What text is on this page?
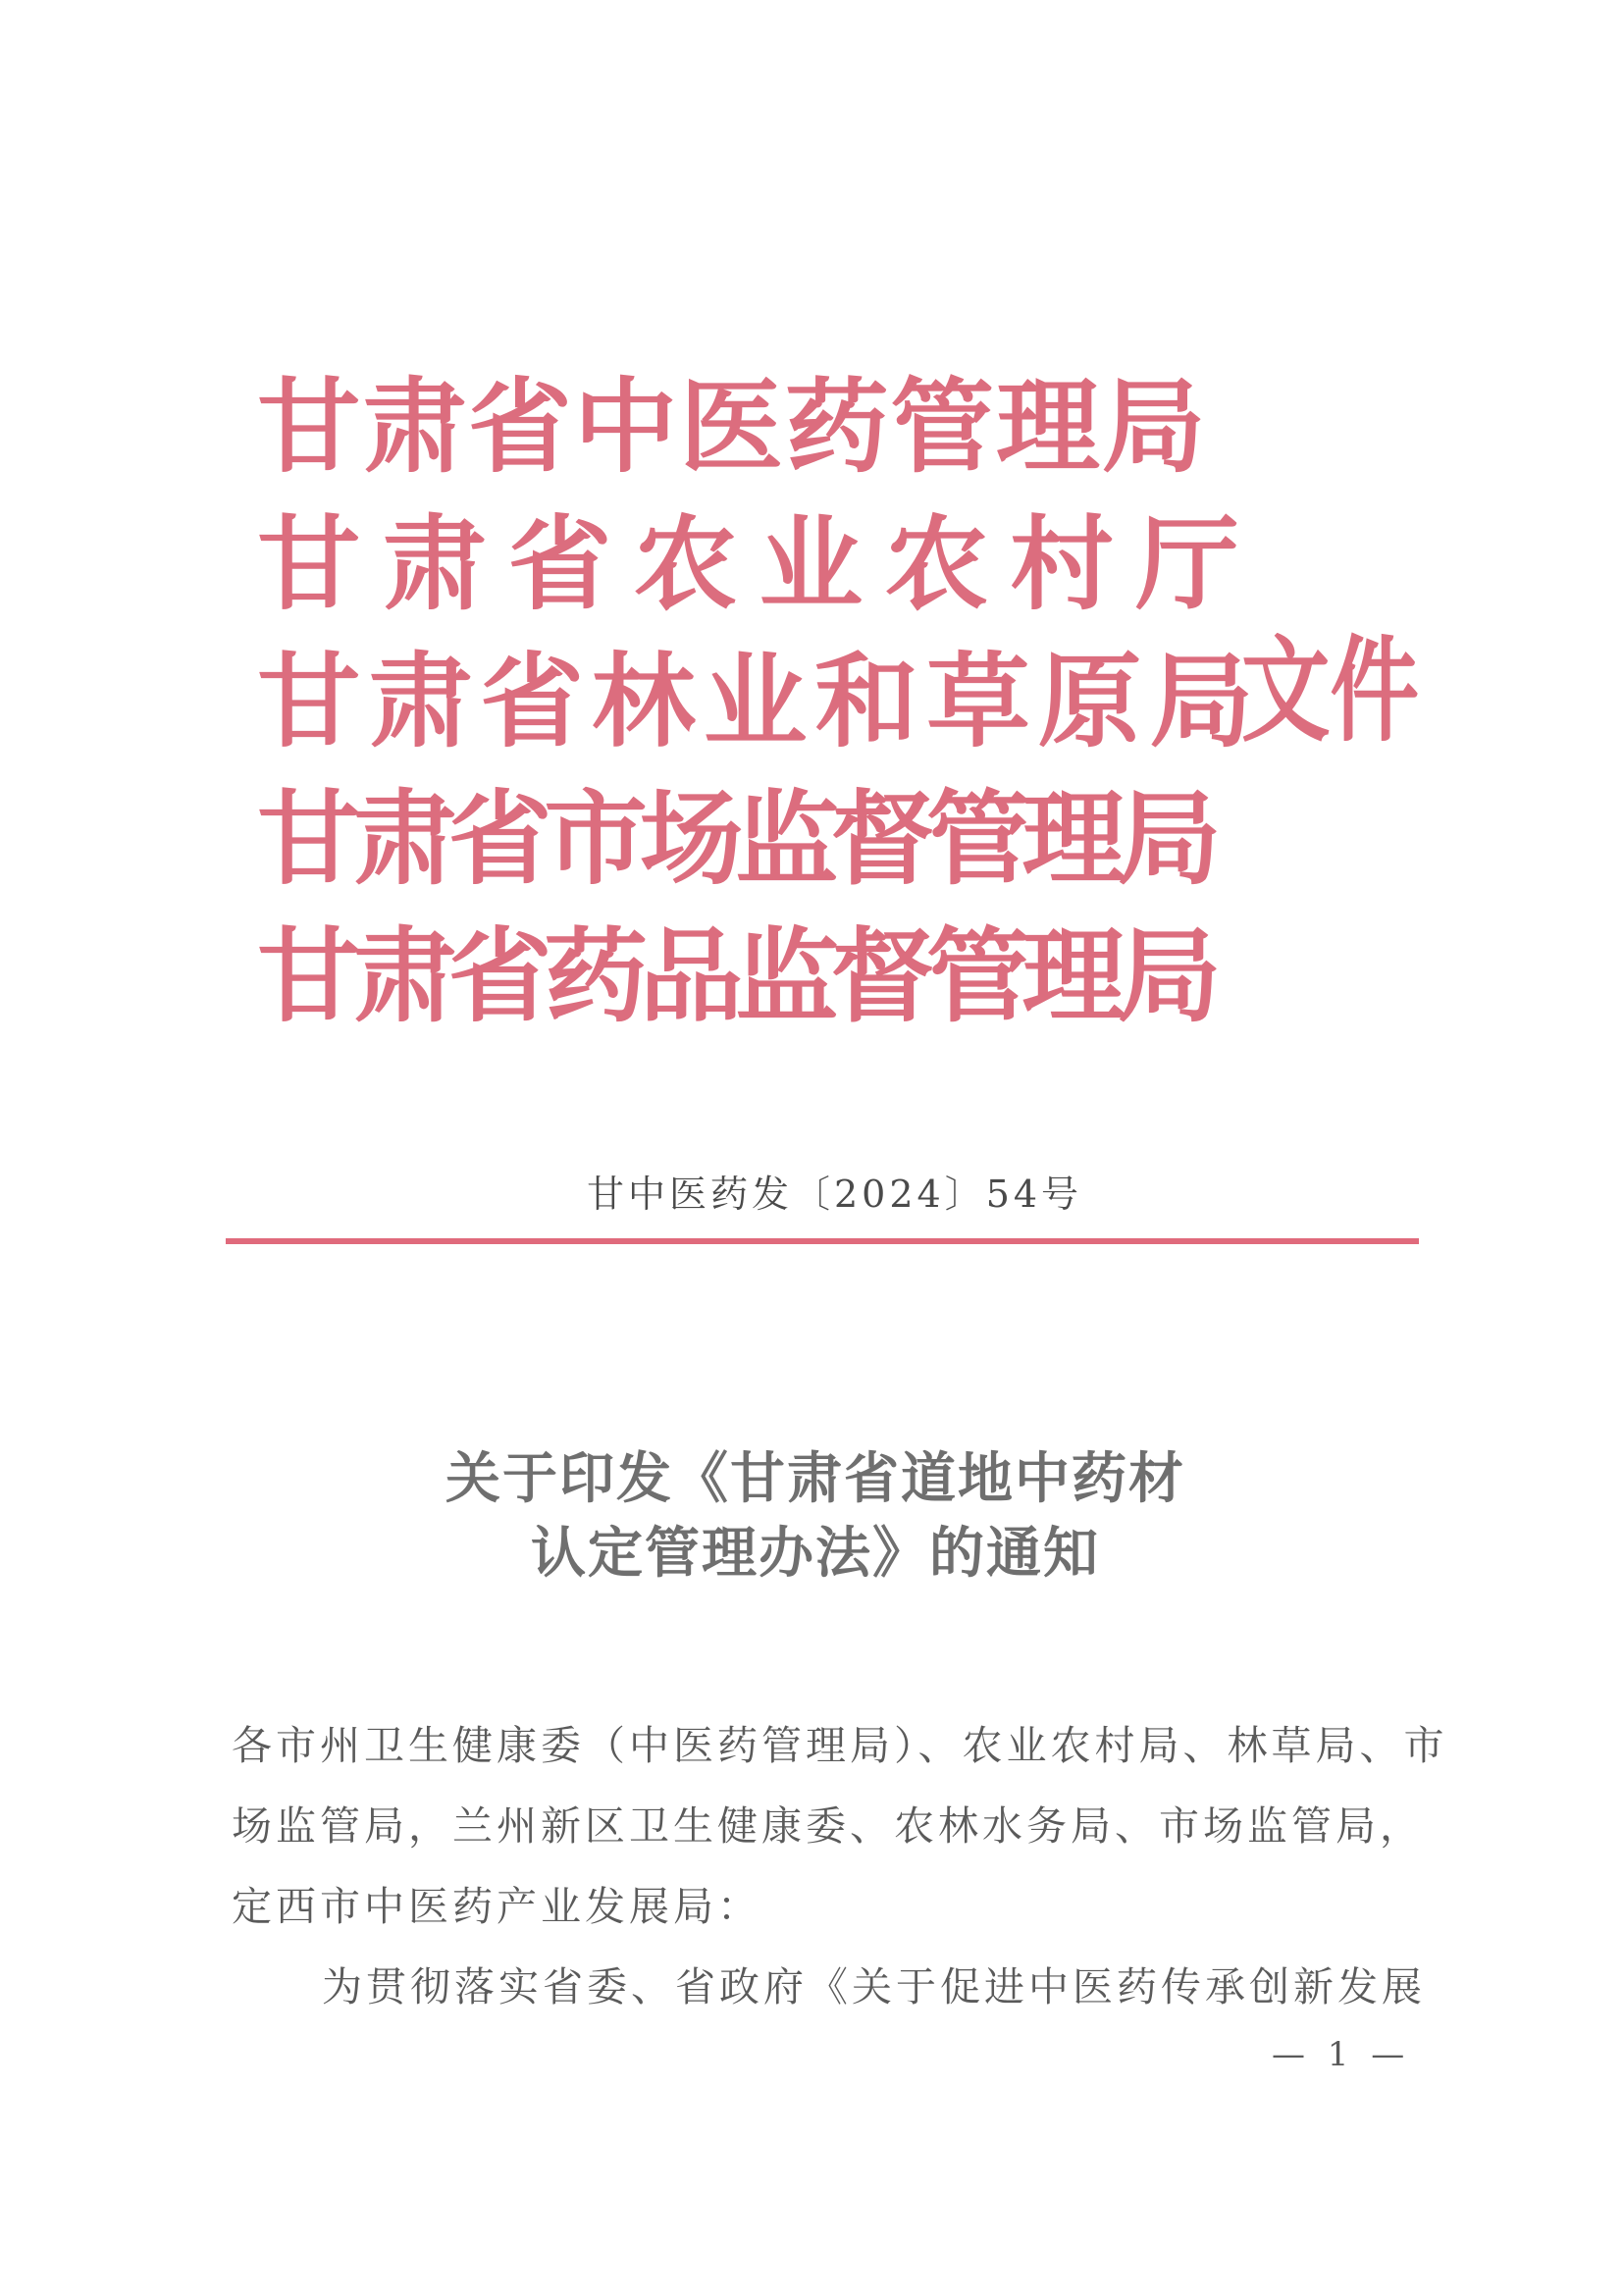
甘肃省中医药管理局
甘肃省农业农村厅
甘肃省林业和草原局
甘肃省市场监督管理局
甘肃省药品监督管理局
文件
甘中医药发〔2024〕54号
关于印发《甘肃省道地中药材
认定管理办法》的通知

各市州卫生健康委（中医药管理局）、农业农村局、林草局、市

场监管局，兰州新区卫生健康委、农林水务局、市场监管局，

定西市中医药产业发展局：

为贯彻落实省委、省政府《关于促进中医药传承创新发展

— 1 —
